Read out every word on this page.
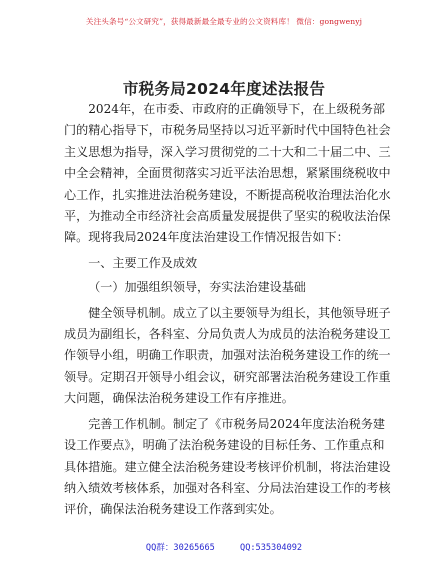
关注头条号“公文研究”，获得最新最全最专业的公文资料库！ 微信：gongwenyj
市税务局2024年度述法报告

2024年，在市委、市政府的正确领导下，在上级税务部
门的精心指导下，市税务局坚持以习近平新时代中国特色社会
主义思想为指导，深入学习贯彻党的二十大和二十届二中、三
中全会精神，全面贯彻落实习近平法治思想，紧紧围绕税收中
心工作，扎实推进法治税务建设，不断提高税收治理法治化水
平，为推动全市经济社会高质量发展提供了坚实的税收法治保
障。现将我局2024年度法治建设工作情况报告如下：

一、主要工作及成效

（一）加强组织领导，夯实法治建设基础

健全领导机制。成立了以主要领导为组长，其他领导班子
成员为副组长，各科室、分局负责人为成员的法治税务建设工
作领导小组，明确工作职责，加强对法治税务建设工作的统一
领导。定期召开领导小组会议，研究部署法治税务建设工作重
大问题，确保法治税务建设工作有序推进。

完善工作机制。制定了《市税务局2024年度法治税务建
设工作要点》，明确了法治税务建设的目标任务、工作重点和
具体措施。建立健全法治税务建设考核评价机制，将法治建设
纳入绩效考核体系，加强对各科室、分局法治建设工作的考核
评价，确保法治税务建设工作落到实处。

QQ群：30265665	QQ:535304092
